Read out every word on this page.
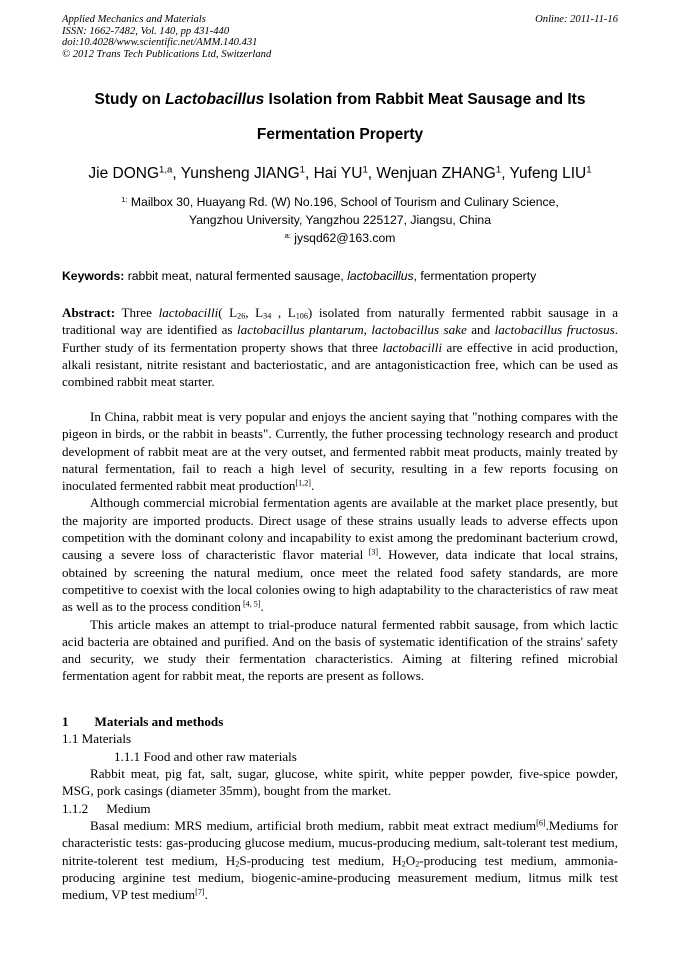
Applied Mechanics and Materials
ISSN: 1662-7482, Vol. 140, pp 431-440
doi:10.4028/www.scientific.net/AMM.140.431
© 2012 Trans Tech Publications Ltd, Switzerland
Online: 2011-11-16
Study on Lactobacillus Isolation from Rabbit Meat Sausage and Its
Fermentation Property
Jie DONG$^{1,a}$, Yunsheng JIANG$^1$, Hai $YU^1$, Wenjuan ZHANG$^1$, Yufeng LIU$^1$
$^{1:}$ Mailbox 30, Huayang Rd. (W) No.196, School of Tourism and Culinary Science,
Yangzhou University, Yangzhou 225127, Jiangsu, China
$^{a:}$ jysqd62@163.com
Keywords: rabbit meat, natural fermented sausage, lactobacillus, fermentation property
Abstract: Three lactobacilli( $L_{26}$, $L_{34}$ , $L_{106}$) isolated from naturally fermented rabbit sausage in a traditional way are identified as lactobacillus plantarum, lactobacillus sake and lactobacillus fructosus. Further study of its fermentation property shows that three lactobacilli are effective in acid production, alkali resistant, nitrite resistant and bacteriostatic, and are antagonisticaction free, which can be used as combined rabbit meat starter.
In China, rabbit meat is very popular and enjoys the ancient saying that "nothing compares with the pigeon in birds, or the rabbit in beasts". Currently, the futher processing technology research and product development of rabbit meat are at the very outset, and fermented rabbit meat products, mainly treated by natural fermentation, fail to reach a high level of security, resulting in a few reports focusing on inoculated fermented rabbit meat production[1,2].
Although commercial microbial fermentation agents are available at the market place presently, but the majority are imported products. Direct usage of these strains usually leads to adverse effects upon competition with the dominant colony and incapability to exist among the predominant bacterium crowd, causing a severe loss of characteristic flavor material [3]. However, data indicate that local strains, obtained by screening the natural medium, once meet the related food safety standards, are more competitive to coexist with the local colonies owing to high adaptability to the characteristics of raw meat as well as to the process condition [4, 5].
This article makes an attempt to trial-produce natural fermented rabbit sausage, from which lactic acid bacteria are obtained and purified. And on the basis of systematic identification of the strains' safety and security, we study their fermentation characteristics. Aiming at filtering refined microbial fermentation agent for rabbit meat, the reports are present as follows.
1 Materials and methods
1.1 Materials
1.1.1 Food and other raw materials
Rabbit meat, pig fat, salt, sugar, glucose, white spirit, white pepper powder, five-spice powder, MSG, pork casings (diameter 35mm), bought from the market.
1.1.2 Medium
Basal medium: MRS medium, artificial broth medium, rabbit meat extract medium[6].Mediums for characteristic tests: gas-producing glucose medium, mucus-producing medium, salt-tolerant test medium, nitrite-tolerent test medium, $H_2S$-producing test medium, $H_2O_2$-producing test medium, ammonia-producing arginine test medium, biogenic-amine-producing measurement medium, litmus milk test medium, VP test medium[7].
